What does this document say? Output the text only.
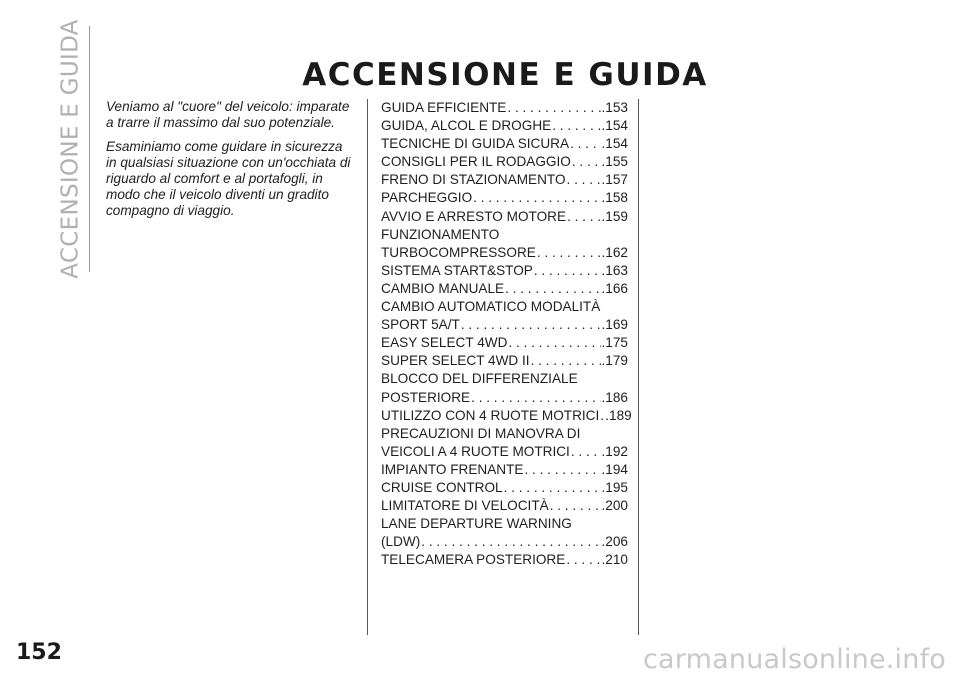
ACCENSIONE E GUIDA	ACCENSIONE E GUIDA

Veniamo al "cuore" del veicolo: imparate a trarre il massimo dal suo potenziale.

Esaminiamo come guidare in sicurezza in qualsiasi situazione con un'occhiata di riguardo al comfort e al portafogli, in modo che il veicolo diventi un gradito compagno di viaggio.

GUIDA EFFICIENTE . . .	.153
GUIDA, ALCOL E DROGHE . . .	.154
TECNICHE DI GUIDA SICURA . . . .154
CONSIGLI PER IL RODAGGIO . . . .155
FRENO DI STAZIONAMENTO . . .	.157
PARCHEGGIO . . .	.158
AVVIO E ARRESTO MOTORE . . .	.159
FUNZIONAMENTO
TURBOCOMPRESSORE . . .	.162
SISTEMA START&STOP . . .	.163
CAMBIO MANUALE . . .	.166
CAMBIO AUTOMATICO MODALITÀ
SPORT 5A/T . . .	.169
EASY SELECT 4WD . . .	.175
SUPER SELECT 4WD II . . .	.179
BLOCCO DEL DIFFERENZIALE
POSTERIORE . . .	.186
UTILIZZO CON 4 RUOTE MOTRICI . . . .189
PRECAUZIONI DI MANOVRA DI
VEICOLI A 4 RUOTE MOTRICI . . . .192
IMPIANTO FRENANTE . . .	.194
CRUISE CONTROL . . .	.195
LIMITATORE DI VELOCITÀ . . .	.200
LANE DEPARTURE WARNING
(LDW) . . .	.206
TELECAMERA POSTERIORE . . .	.210
152	carmanualsonline.info
